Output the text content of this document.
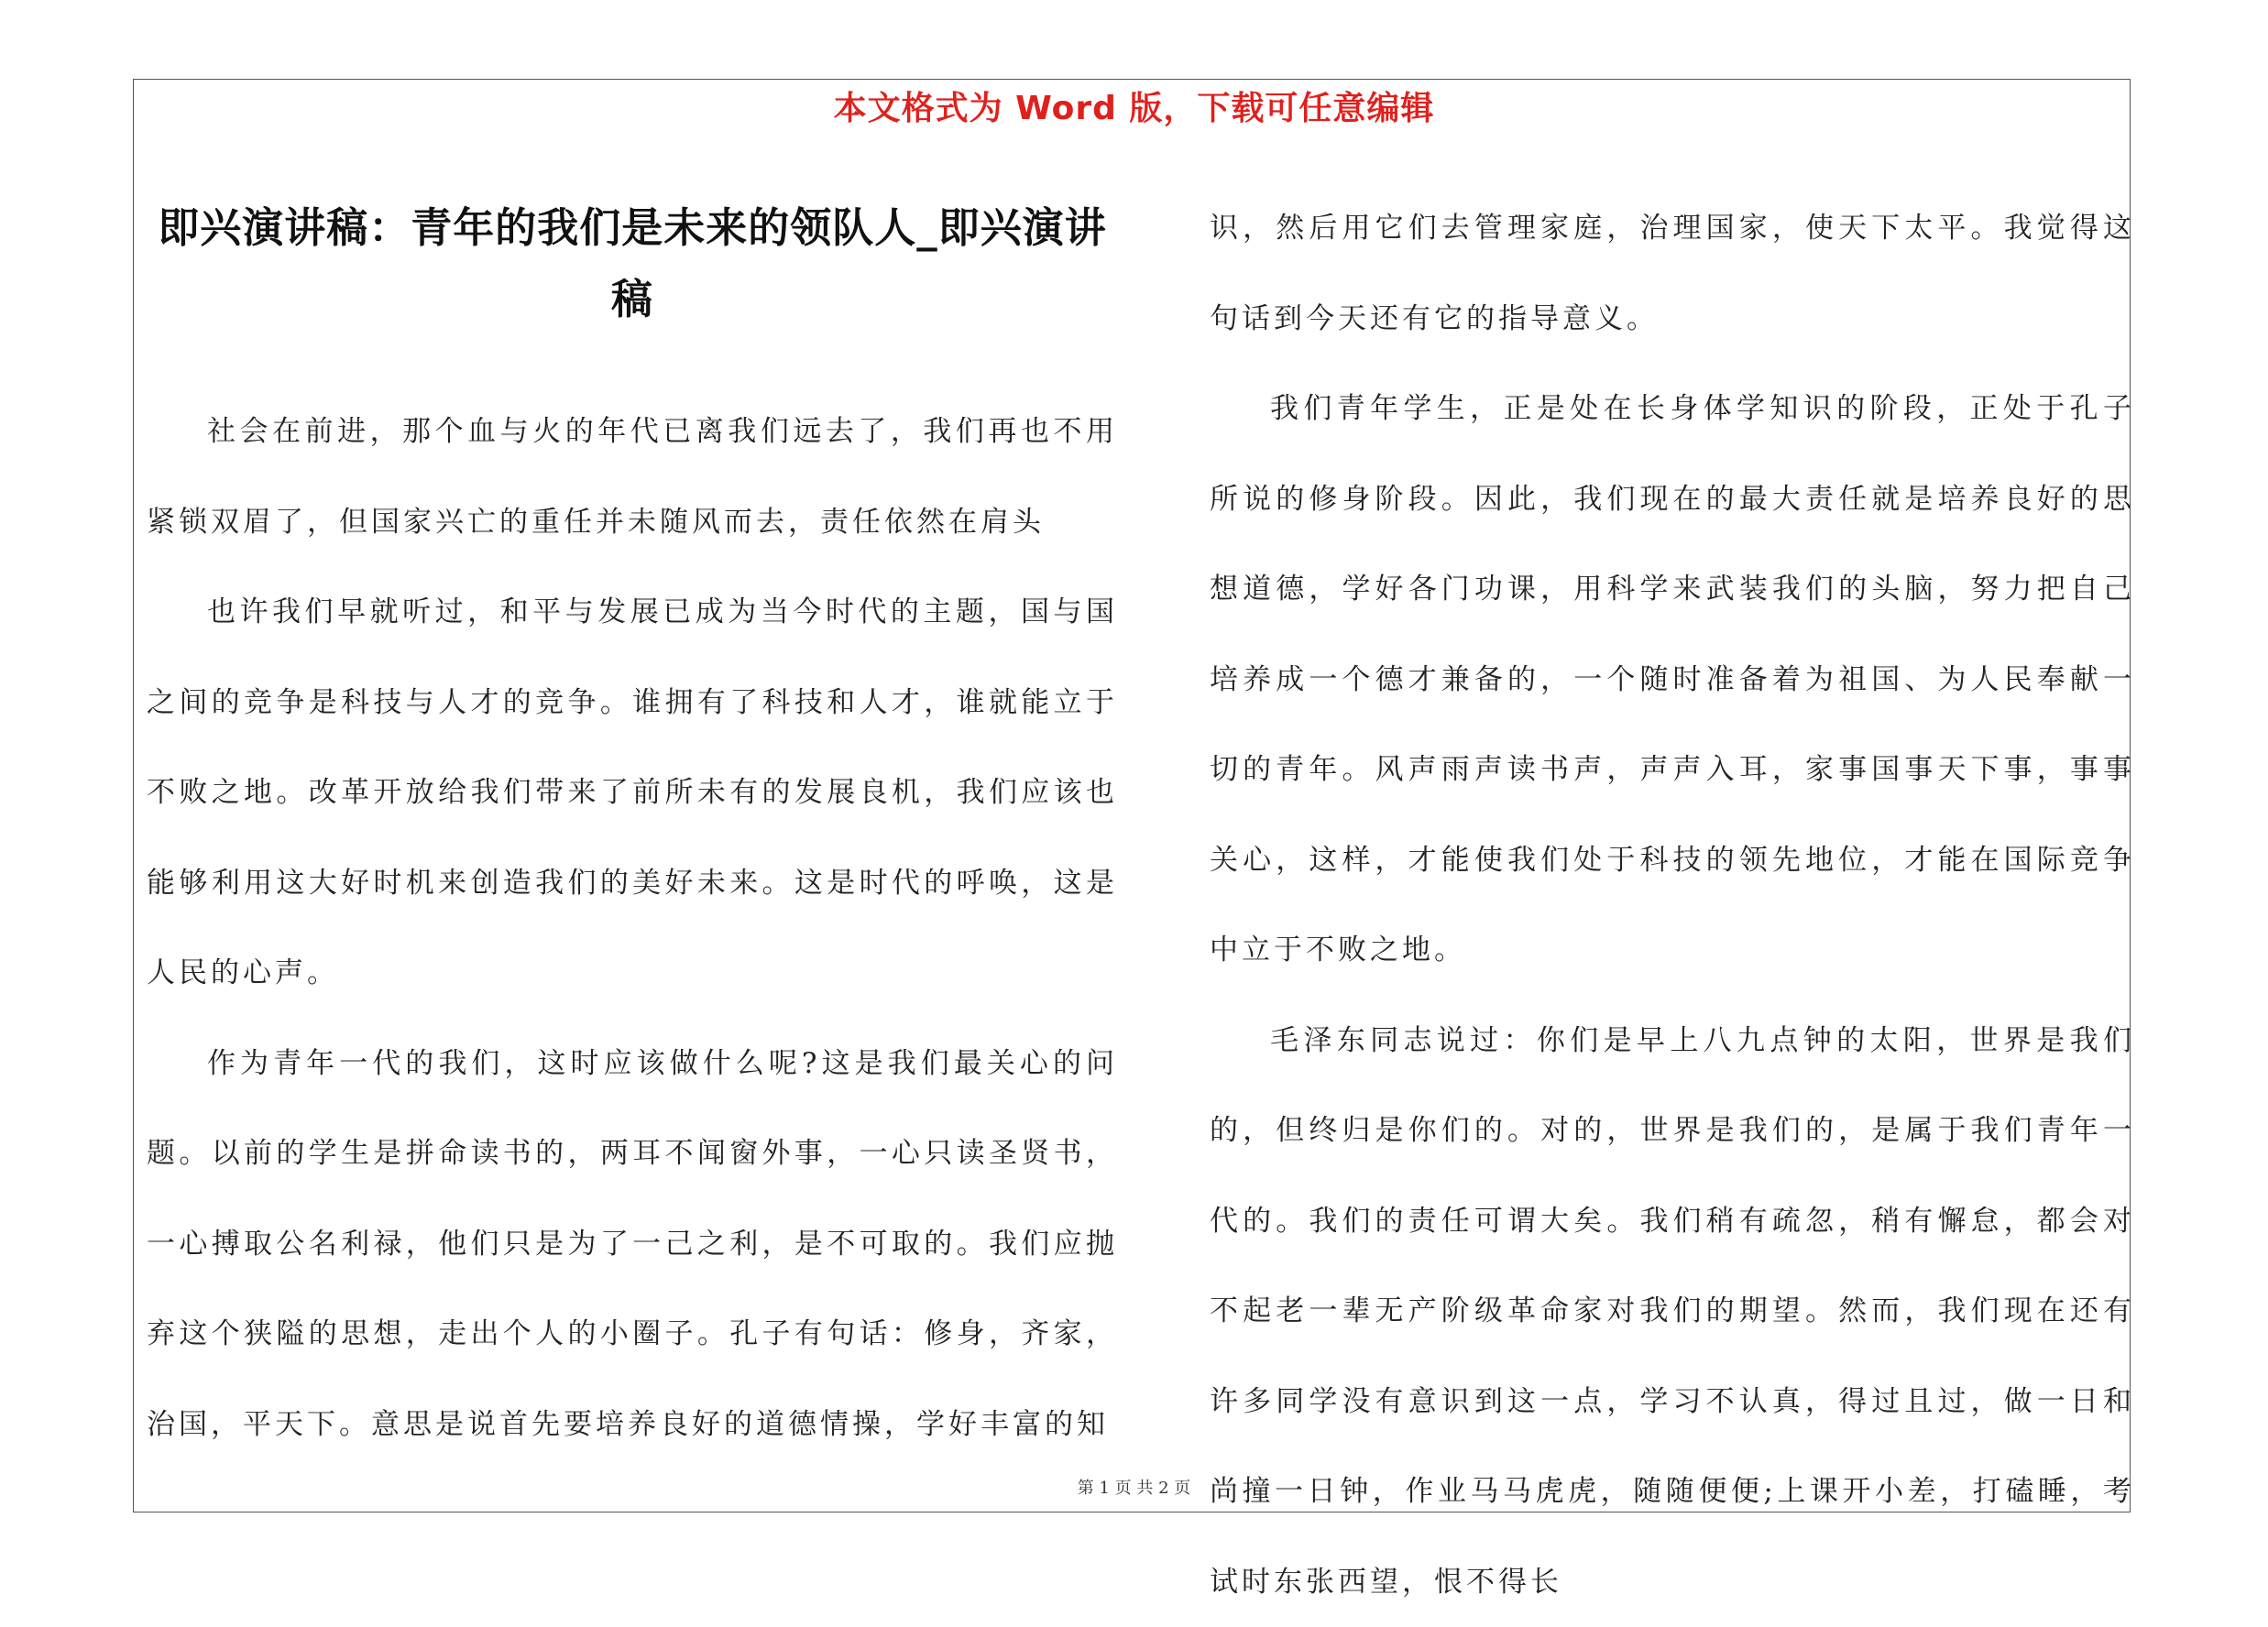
本文格式为 Word 版，下载可任意编辑
即兴演讲稿：青年的我们是未来的领队人_即兴演讲稿

社会在前进，那个血与火的年代已离我们远去了，我们再也不用紧锁双眉了，但国家兴亡的重任并未随风而去，责任依然在肩头

也许我们早就听过，和平与发展已成为当今时代的主题，国与国之间的竞争是科技与人才的竞争。谁拥有了科技和人才，谁就能立于不败之地。改革开放给我们带来了前所未有的发展良机，我们应该也能够利用这大好时机来创造我们的美好未来。这是时代的呼唤，这是人民的心声。

作为青年一代的我们，这时应该做什么呢?这是我们最关心的问题。以前的学生是拼命读书的，两耳不闻窗外事，一心只读圣贤书，一心搏取公名利禄，他们只是为了一己之利，是不可取的。我们应抛弃这个狭隘的思想，走出个人的小圈子。孔子有句话：修身，齐家，治国，平天下。意思是说首先要培养良好的道德情操，学好丰富的知

识，然后用它们去管理家庭，治理国家，使天下太平。我觉得这句话到今天还有它的指导意义。

我们青年学生，正是处在长身体学知识的阶段，正处于孔子所说的修身阶段。因此，我们现在的最大责任就是培养良好的思想道德，学好各门功课，用科学来武装我们的头脑，努力把自己培养成一个德才兼备的，一个随时准备着为祖国、为人民奉献一切的青年。风声雨声读书声，声声入耳，家事国事天下事，事事关心，这样，才能使我们处于科技的领先地位，才能在国际竞争中立于不败之地。

毛泽东同志说过：你们是早上八九点钟的太阳，世界是我们的，但终归是你们的。对的，世界是我们的，是属于我们青年一代的。我们的责任可谓大矣。我们稍有疏忽，稍有懈怠，都会对不起老一辈无产阶级革命家对我们的期望。然而，我们现在还有许多同学没有意识到这一点，学习不认真，得过且过，做一日和尚撞一日钟，作业马马虎虎，随随便便;上课开小差，打磕睡，考试时东张西望，恨不得长

第 1 页 共 2 页
